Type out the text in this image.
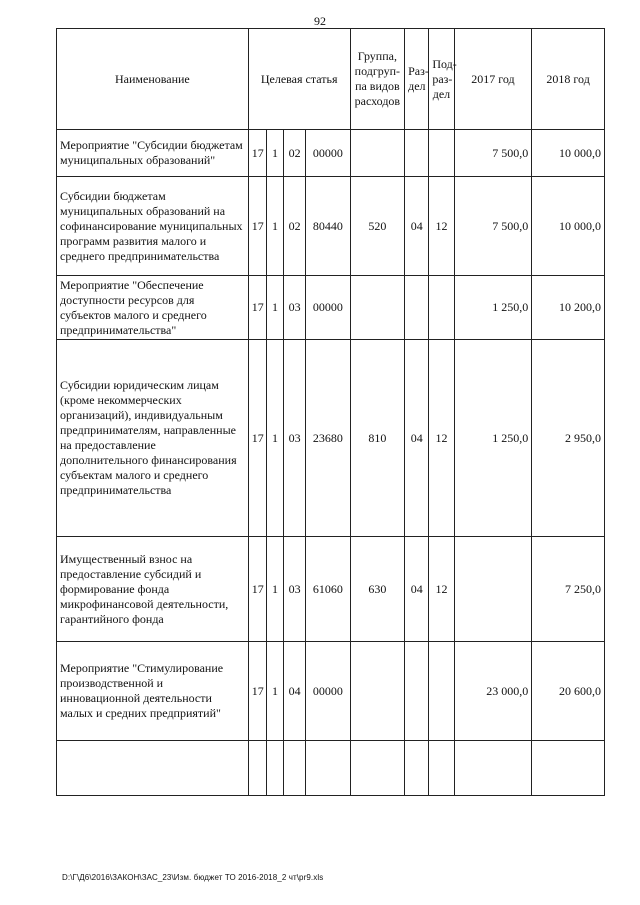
92
Наименование	Целевая статья				Группа, подгруп-па видов расходов	Раз-дел	Под-раз-дел	2017 год	2018 год
Мероприятие "Субсидии бюджетам муниципальных образований"	17	1	02	00000				7 500,0	10 000,0
Субсидии бюджетам муниципальных образований на софинансирование муниципальных программ развития малого и среднего предпринимательства	17	1	02	80440	520	04	12	7 500,0	10 000,0
Мероприятие "Обеспечение доступности ресурсов для субъектов малого и среднего предпринимательства"	17	1	03	00000				1 250,0	10 200,0
Субсидии юридическим лицам (кроме некоммерческих организаций), индивидуальным предпринимателям, направленные на предоставление дополнительного финансирования субъектам малого и среднего предпринимательства	17	1	03	23680	810	04	12	1 250,0	2 950,0
Имущественный взнос на предоставление субсидий и формирование фонда микрофинансовой деятельности, гарантийного фонда	17	1	03	61060	630	04	12		7 250,0
Мероприятие "Стимулирование производственной и инновационной деятельности малых и средних предприятий"	17	1	04	00000				23 000,0	20 600,0

D:\Г\Д6\2016\ЗАКОН\ЗАС_23\Изм. бюджет ТО 2016-2018_2 чт\pr9.xls
